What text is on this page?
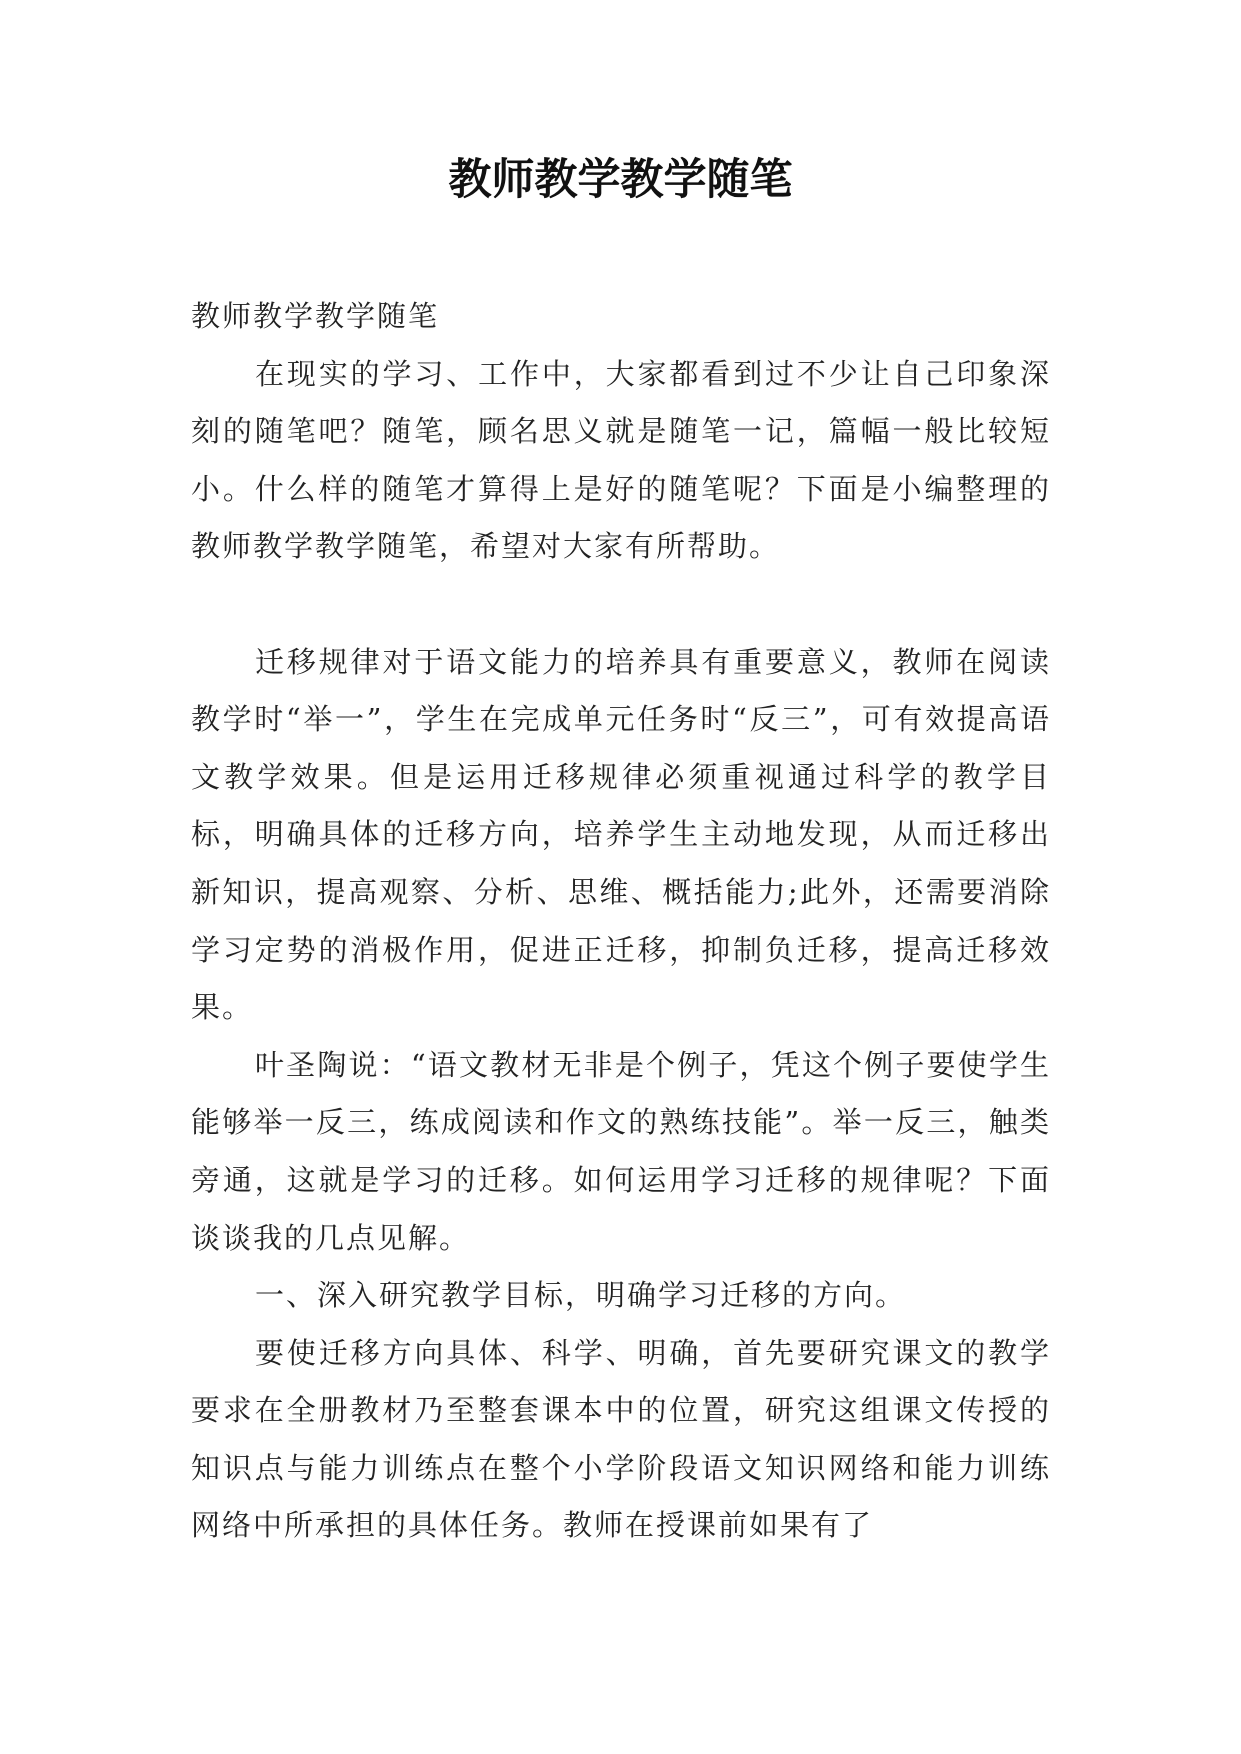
教师教学教学随笔

教师教学教学随笔

在现实的学习、工作中，大家都看到过不少让自己印象深刻的随笔吧？随笔，顾名思义就是随笔一记，篇幅一般比较短小。什么样的随笔才算得上是好的随笔呢？下面是小编整理的教师教学教学随笔，希望对大家有所帮助。

迁移规律对于语文能力的培养具有重要意义，教师在阅读教学时“举一”，学生在完成单元任务时“反三”，可有效提高语文教学效果。但是运用迁移规律必须重视通过科学的教学目标，明确具体的迁移方向，培养学生主动地发现，从而迁移出新知识，提高观察、分析、思维、概括能力;此外，还需要消除学习定势的消极作用，促进正迁移，抑制负迁移，提高迁移效果。

叶圣陶说：“语文教材无非是个例子，凭这个例子要使学生能够举一反三，练成阅读和作文的熟练技能”。举一反三，触类旁通，这就是学习的迁移。如何运用学习迁移的规律呢？下面谈谈我的几点见解。

一、深入研究教学目标，明确学习迁移的方向。

要使迁移方向具体、科学、明确，首先要研究课文的教学要求在全册教材乃至整套课本中的位置，研究这组课文传授的知识点与能力训练点在整个小学阶段语文知识网络和能力训练网络中所承担的具体任务。教师在授课前如果有了
